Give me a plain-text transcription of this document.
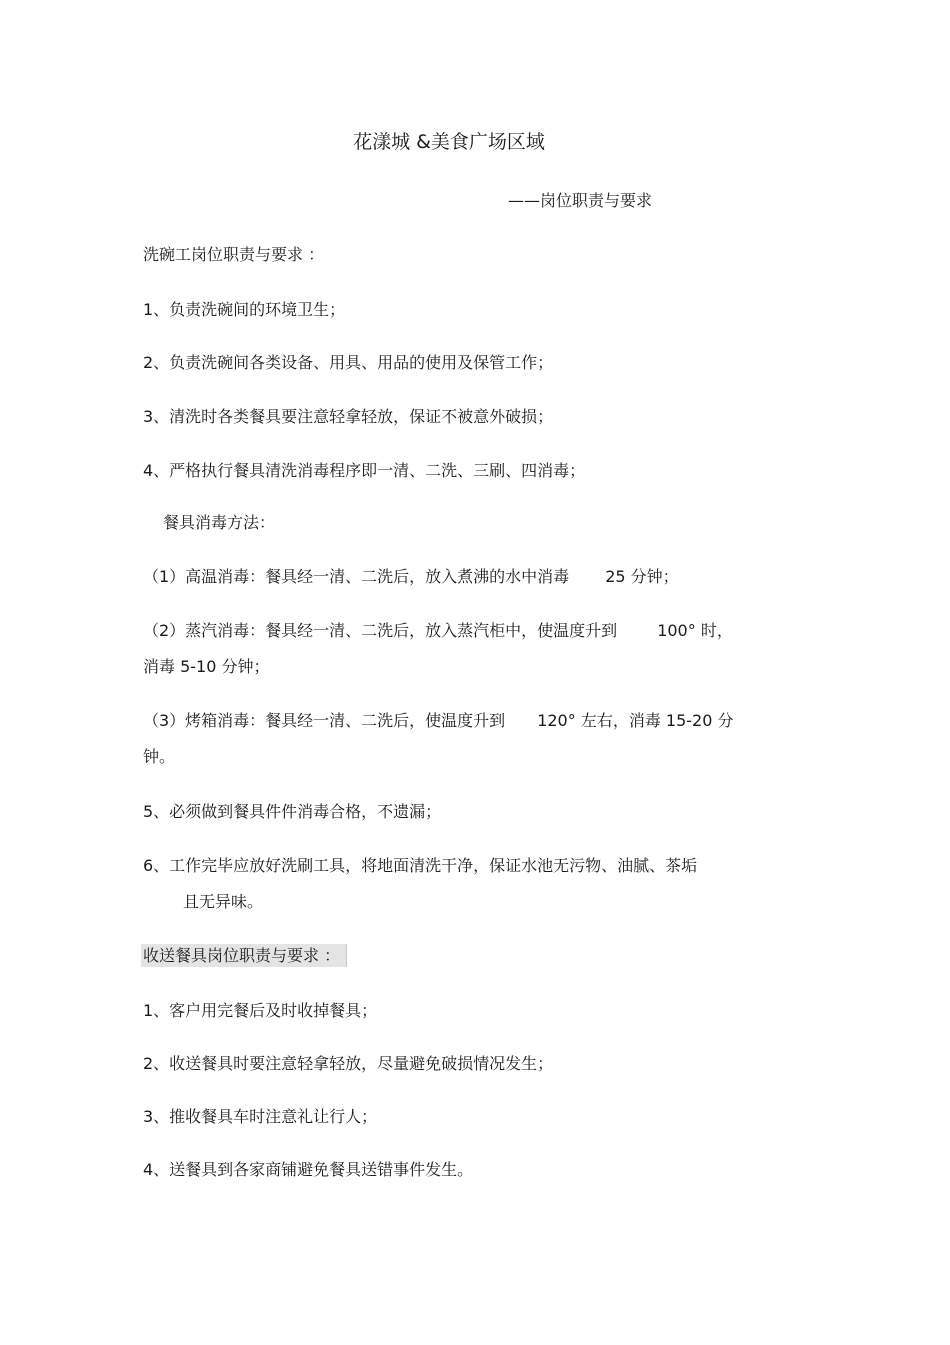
花漾城 &美食广场区域
——岗位职责与要求
洗碗工岗位职责与要求 ：
1、负责洗碗间的环境卫生；
2、负责洗碗间各类设备、用具、用品的使用及保管工作；
3、清洗时各类餐具要注意轻拿轻放，保证不被意外破损；
4、严格执行餐具清洗消毒程序即一清、二洗、三刷、四消毒；
餐具消毒方法：
（1）高温消毒：餐具经一清、二洗后，放入煮沸的水中消毒 25 分钟；
（2）蒸汽消毒：餐具经一清、二洗后，放入蒸汽柜中，使温度升到	100° 时，
消毒 5-10 分钟；
（3）烤箱消毒：餐具经一清、二洗后，使温度升到 120° 左右，消毒 15-20 分
钟。
5、必须做到餐具件件消毒合格，不遗漏；
6、工作完毕应放好洗刷工具，将地面清洗干净，保证水池无污物、油腻、茶垢
且无异味。
收送餐具岗位职责与要求 ：
1、客户用完餐后及时收掉餐具；
2、收送餐具时要注意轻拿轻放，尽量避免破损情况发生；
3、推收餐具车时注意礼让行人；
4、送餐具到各家商铺避免餐具送错事件发生。
